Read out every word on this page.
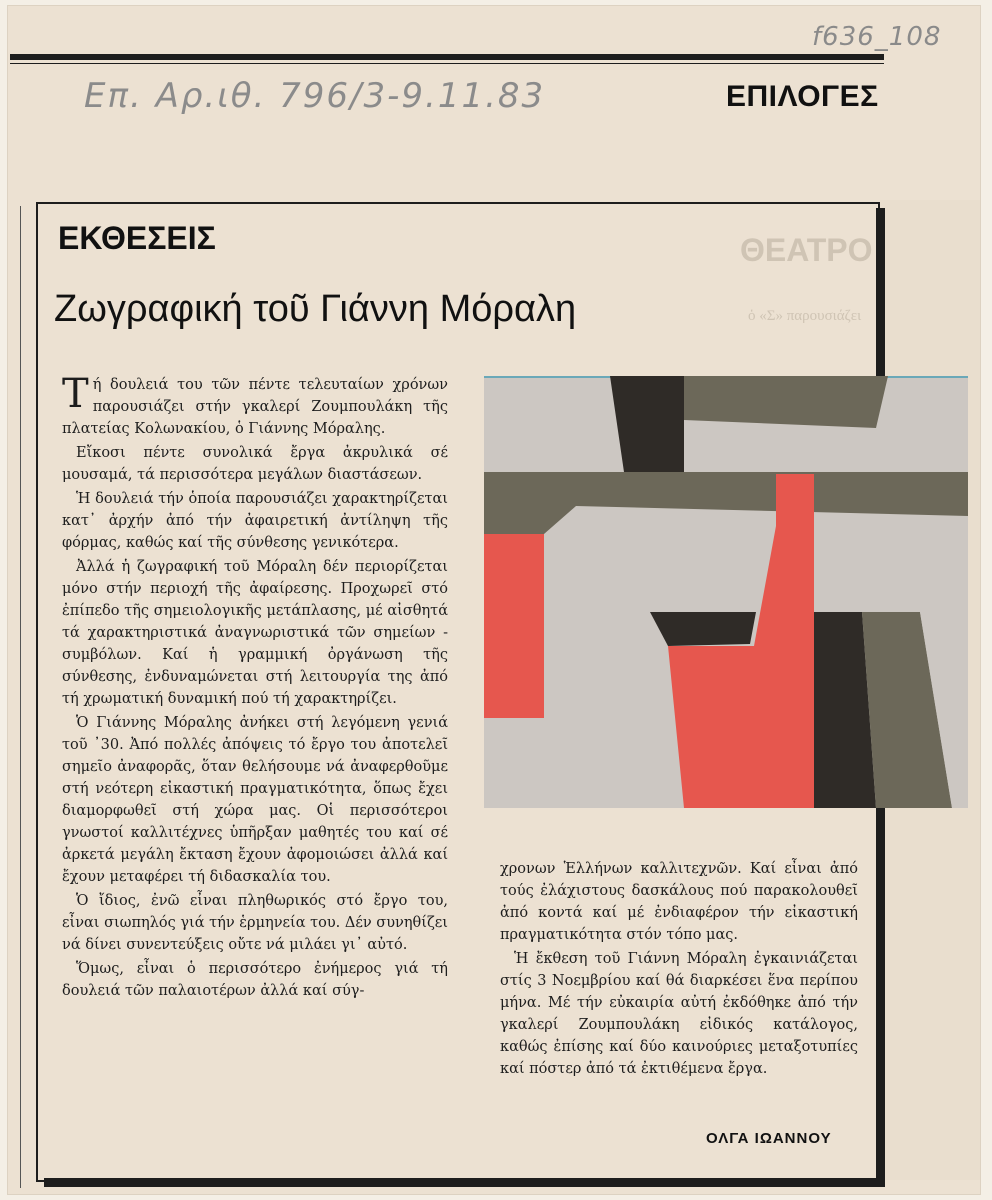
ΘΕΑΤΡΟ
ὁ «Σ» παρουσιάζει
f636_108
Επ. Αρ.ιθ. 796/3-9.11.83	ΕΠΙΛΟΓΕΣ
ΕΚΘΕΣΕΙΣ
Ζωγραφική τοῦ Γιάννη Μόραλη

Τή δουλειά του τῶν πέντε τελευταίων χρόνων παρουσιάζει στήν γκαλερί Ζουμπουλάκη τῆς πλατείας Κολωνακίου, ὁ Γιάννης Μόραλης.

Εἴκοσι πέντε συνολικά ἔργα ἀκρυλικά σέ μουσαμά, τά περισσότερα μεγάλων διαστάσεων.

Ἡ δουλειά τήν ὁποία παρουσιάζει χαρακτηρίζεται κατ᾽ ἀρχήν ἀπό τήν ἀφαιρετική ἀντίληψη τῆς φόρμας, καθώς καί τῆς σύνθεσης γενικότερα.

Ἀλλά ἡ ζωγραφική τοῦ Μόραλη δέν περιορίζεται μόνο στήν περιοχή τῆς ἀφαίρεσης. Προχωρεῖ στό ἐπίπεδο τῆς σημειολογικῆς μετάπλασης, μέ αἰσθητά τά χαρακτηριστικά ἀναγνωριστικά τῶν σημείων - συμβόλων. Καί ἡ γραμμική ὀργάνωση τῆς σύνθεσης, ἐνδυναμώνεται στή λειτουργία της ἀπό τή χρωματική δυναμική πού τή χαρακτηρίζει.

Ὁ Γιάννης Μόραλης ἀνήκει στή λεγόμενη γενιά τοῦ ᾽30. Ἀπό πολλές ἀπόψεις τό ἔργο του ἀποτελεῖ σημεῖο ἀναφορᾶς, ὅταν θελήσουμε νά ἀναφερθοῦμε στή νεότερη εἰκαστική πραγματικότητα, ὅπως ἔχει διαμορφωθεῖ στή χώρα μας. Οἱ περισσότεροι γνωστοί καλλιτέχνες ὑπῆρξαν μαθητές του καί σέ ἀρκετά μεγάλη ἔκταση ἔχουν ἀφομοιώσει ἀλλά καί ἔχουν μεταφέρει τή διδασκαλία του.

Ὁ ἴδιος, ἐνῶ εἶναι πληθωρικός στό ἔργο του, εἶναι σιωπηλός γιά τήν ἑρμηνεία του. Δέν συνηθίζει νά δίνει συνεντεύξεις οὔτε νά μιλάει γι᾽ αὐτό.

Ὅμως, εἶναι ὁ περισσότερο ἐνήμερος γιά τή δουλειά τῶν παλαιοτέρων ἀλλά καί σύγ-

χρονων Ἑλλήνων καλλιτεχνῶν. Καί εἶναι ἀπό τούς ἐλάχιστους δασκάλους πού παρακολουθεῖ ἀπό κοντά καί μέ ἐνδιαφέρον τήν εἰκαστική πραγματικότητα στόν τόπο μας.

Ἡ ἔκθεση τοῦ Γιάννη Μόραλη ἐγκαινιάζεται στίς 3 Νοεμβρίου καί θά διαρκέσει ἕνα περίπου μήνα. Μέ τήν εὐκαιρία αὐτή ἐκδόθηκε ἀπό τήν γκαλερί Ζουμπουλάκη εἰδικός κατάλογος, καθώς ἐπίσης καί δύο καινούριες μεταξοτυπίες καί πόστερ ἀπό τά ἐκτιθέμενα ἔργα.

ΟΛΓΑ ΙΩΑΝΝΟΥ
